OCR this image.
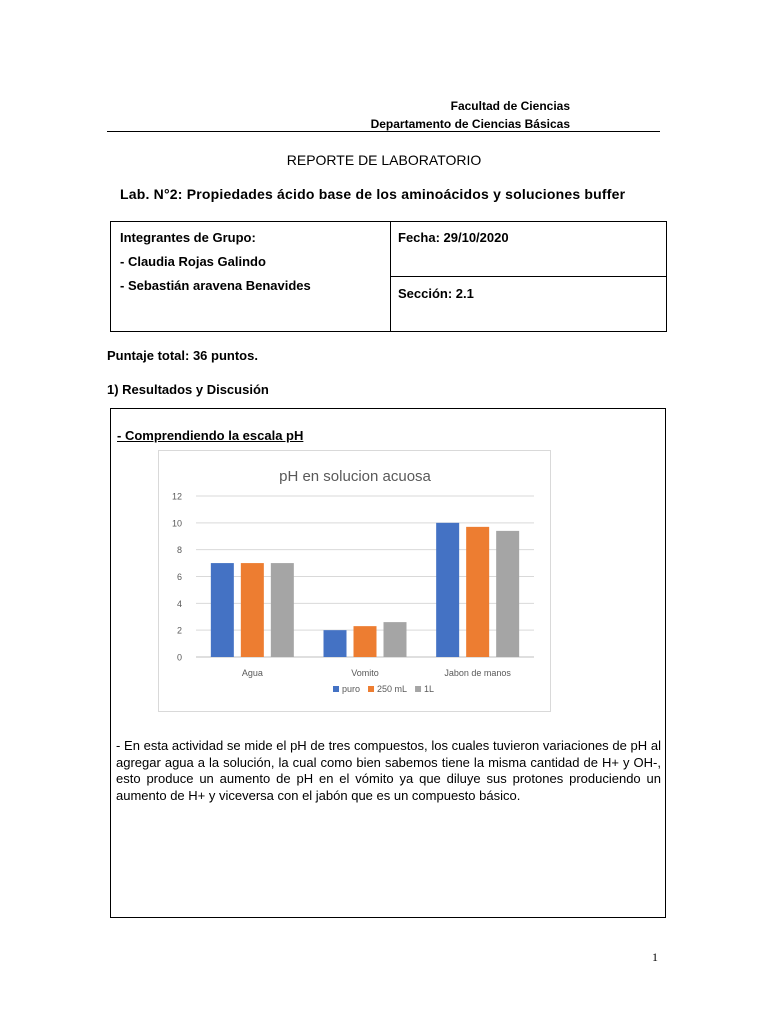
Facultad de Ciencias
Departamento de Ciencias Básicas
REPORTE DE LABORATORIO
Lab. N°2: Propiedades ácido base de los aminoácidos y soluciones buffer
Integrantes de Grupo:
- Claudia Rojas Galindo
- Sebastián aravena Benavides
Fecha: 29/10/2020
Sección: 2.1
Puntaje total: 36 puntos.
1) Resultados y Discusión
- Comprendiendo la escala pH
pH en solucion acuosa
0
2
4
6
8
10
12
Agua	Vomito	Jabon de manos
puro 250 mL 1L
- En esta actividad se mide el pH de tres compuestos, los cuales tuvieron variaciones de pH al agregar agua a la solución, la cual como bien sabemos tiene la misma cantidad de H+ y OH-, esto produce un aumento de pH en el vómito ya que diluye sus protones produciendo un aumento de H+ y viceversa con el jabón que es un compuesto básico.
1
